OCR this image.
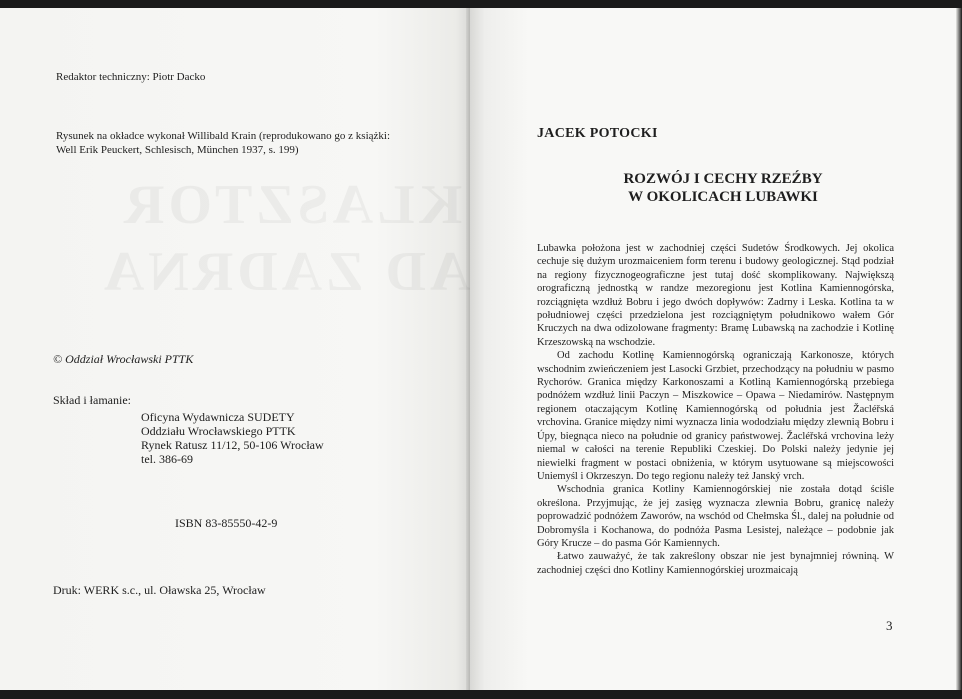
Redaktor techniczny: Piotr Dacko
Rysunek na okładce wykonał Willibald Krain (reprodukowano go z książki:
Well Erik Peuckert, Schlesisch, München 1937, s. 199)
© Oddział Wrocławski PTTK
Skład i łamanie:
Oficyna Wydawnicza SUDETY
Oddziału Wrocławskiego PTTK
Rynek Ratusz 11/12, 50-106 Wrocław
tel. 386-69
ISBN 83-85550-42-9
Druk: WERK s.c., ul. Oławska 25, Wrocław
JACEK POTOCKI
ROZWÓJ I CECHY RZEŹBY
W OKOLICACH LUBAWKI

Lubawka położona jest w zachodniej części Sudetów Środkowych. Jej okolica cechuje się dużym urozmaiceniem form terenu i budowy geologicznej. Stąd podział na regiony fizycznogeograficzne jest tutaj dość skomplikowany. Największą orograficzną jednostką w randze mezoregionu jest Kotlina Kamiennogórska, rozciągnięta wzdłuż Bobru i jego dwóch dopływów: Zadrny i Leska. Kotlina ta w południowej części przedzielona jest rozciągniętym południkowo wałem Gór Kruczych na dwa odizolowane fragmenty: Bramę Lubawską na zachodzie i Kotlinę Krzeszowską na wschodzie.

Od zachodu Kotlinę Kamiennogórską ograniczają Karkonosze, których wschodnim zwieńczeniem jest Lasocki Grzbiet, przechodzący na południu w pasmo Rychorów. Granica między Karkonoszami a Kotliną Kamiennogórską przebiega podnóżem wzdłuż linii Paczyn – Miszkowice – Opawa – Niedamirów. Następnym regionem otaczającym Kotlinę Kamiennogórską od południa jest Žacléřská vrchovina. Granice między nimi wyznacza linia wododziału między zlewnią Bobru i Úpy, biegnąca nieco na południe od granicy państwowej. Žacléřská vrchovina leży niemal w całości na terenie Republiki Czeskiej. Do Polski należy jedynie jej niewielki fragment w postaci obniżenia, w którym usytuowane są miejscowości Uniemyśl i Okrzeszyn. Do tego regionu należy też Janský vrch.

Wschodnia granica Kotliny Kamiennogórskiej nie została dotąd ściśle określona. Przyjmując, że jej zasięg wyznacza zlewnia Bobru, granicę należy poprowadzić podnóżem Zaworów, na wschód od Chełmska Śl., dalej na południe od Dobromyśla i Kochanowa, do podnóża Pasma Lesistej, należące – podobnie jak Góry Krucze – do pasma Gór Kamiennych.

Łatwo zauważyć, że tak zakreślony obszar nie jest bynajmniej równiną. W zachodniej części dno Kotliny Kamiennogórskiej urozmaicają

3
